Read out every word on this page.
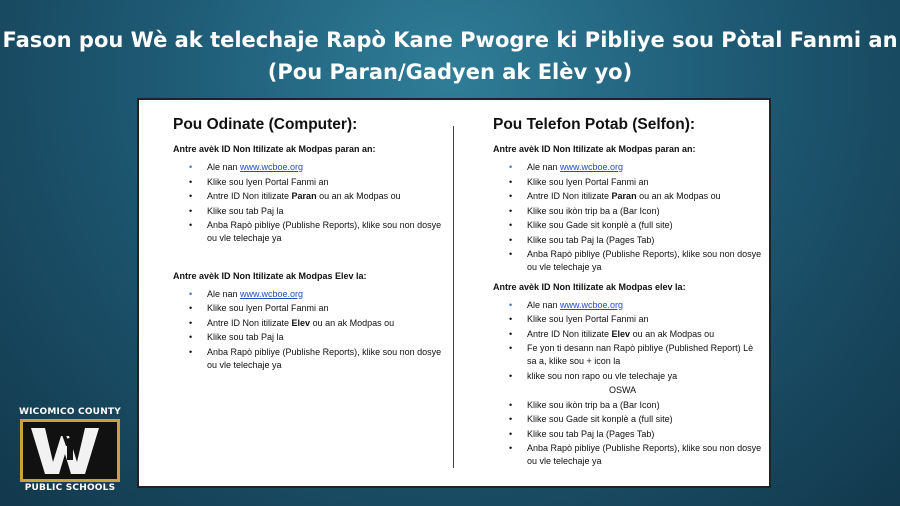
Fason pou Wè ak telechaje Rapò Kane Pwogre ki Pibliye sou Pòtal Fanmi an
(Pou Paran/Gadyen ak Elèv yo)
Pou Odinate (Computer):
Antre avèk ID Non Itilizate ak Modpas paran an:
• Ale nan www.wcboe.org
• Klike sou lyen Portal Fanmi an
• Antre ID Non itilizate Paran ou an ak Modpas ou
• Klike sou tab Paj la
• Anba Rapò pibliye (Publishe Reports), klike sou non dosye ou vle telechaje ya
Antre avèk ID Non Itilizate ak Modpas Elev la:
• Ale nan www.wcboe.org
• Klike sou lyen Portal Fanmi an
• Antre ID Non itilizate Elev ou an ak Modpas ou
• Klike sou tab Paj la
• Anba Rapò pibliye (Publishe Reports), klike sou non dosye ou vle telechaje ya
Pou Telefon Potab (Selfon):
Antre avèk ID Non Itilizate ak Modpas paran an:
• Ale nan www.wcboe.org
• Klike sou lyen Portal Fanmi an
• Antre ID Non itilizate Paran ou an ak Modpas ou
• Klike sou ikòn trip ba a (Bar Icon)
• Klike sou Gade sit konplè a (full site)
• Klike sou tab Paj la (Pages Tab)
• Anba Rapò pibliye (Publishe Reports), klike sou non dosye ou vle telechaje ya
Antre avèk ID Non Itilizate ak Modpas elev la:
• Ale nan www.wcboe.org
• Klike sou lyen Portal Fanmi an
• Antre ID Non itilizate Elev ou an ak Modpas ou
• Fe yon ti desann nan Rapò pibliye (Published Report) Lè sa a, klike sou + icon la
• klike sou non rapo ou vle telechaje ya
OSWA
• Klike sou ikòn trip ba a (Bar Icon)
• Klike sou Gade sit konplè a (full site)
• Klike sou tab Paj la (Pages Tab)
• Anba Rapò pibliye (Publishe Reports), klike sou non dosye ou vle telechaje ya
WICOMICO COUNTY
PUBLIC SCHOOLS
